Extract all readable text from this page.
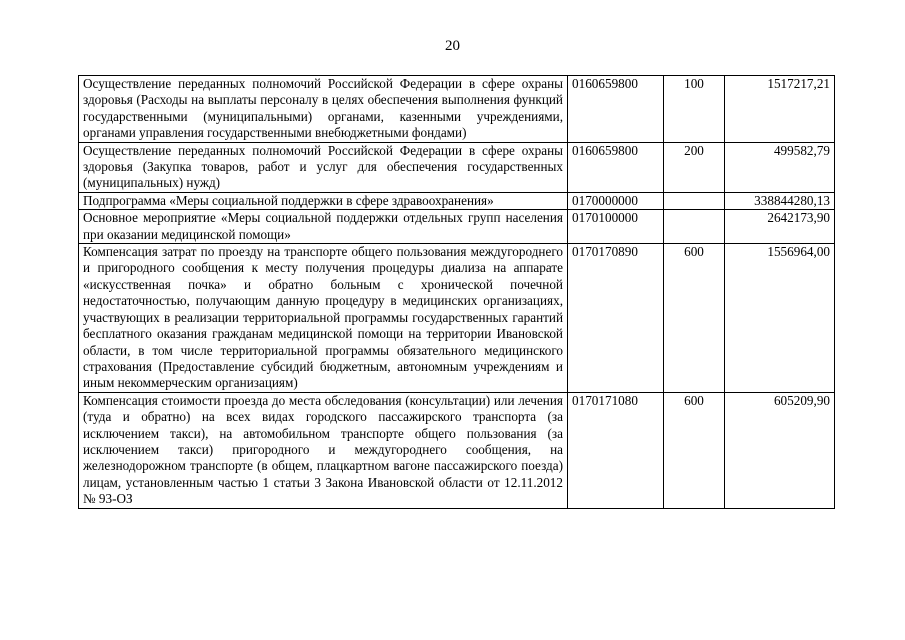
20
Осуществление переданных полномочий Российской Федерации в сфере охраны здоровья (Расходы на выплаты персоналу в целях обеспечения выполнения функций государственными (муниципальными) органами, казенными учреждениями, органами управления государственными внебюджетными фондами)	0160659800	100	1517217,21
Осуществление переданных полномочий Российской Федерации в сфере охраны здоровья (Закупка товаров, работ и услуг для обеспечения государственных (муниципальных) нужд)	0160659800	200	499582,79
Подпрограмма «Меры социальной поддержки в сфере здравоохранения»	0170000000		338844280,13
Основное мероприятие «Меры социальной поддержки отдельных групп населения при оказании медицинской помощи»	0170100000		2642173,90
Компенсация затрат по проезду на транспорте общего пользования междугороднего и пригородного сообщения к месту получения процедуры диализа на аппарате «искусственная почка» и обратно больным с хронической почечной недостаточностью, получающим данную процедуру в медицинских организациях, участвующих в реализации территориальной программы государственных гарантий бесплатного оказания гражданам медицинской помощи на территории Ивановской области, в том числе территориальной программы обязательного медицинского страхования (Предоставление субсидий бюджетным, автономным учреждениям и иным некоммерческим организациям)	0170170890	600	1556964,00
Компенсация стоимости проезда до места обследования (консультации) или лечения (туда и обратно) на всех видах городского пассажирского транспорта (за исключением такси), на автомобильном транспорте общего пользования (за исключением такси) пригородного и междугороднего сообщения, на железнодорожном транспорте (в общем, плацкартном вагоне пассажирского поезда) лицам, установленным частью 1 статьи 3 Закона Ивановской области от 12.11.2012 № 93-ОЗ	0170171080	600	605209,90
